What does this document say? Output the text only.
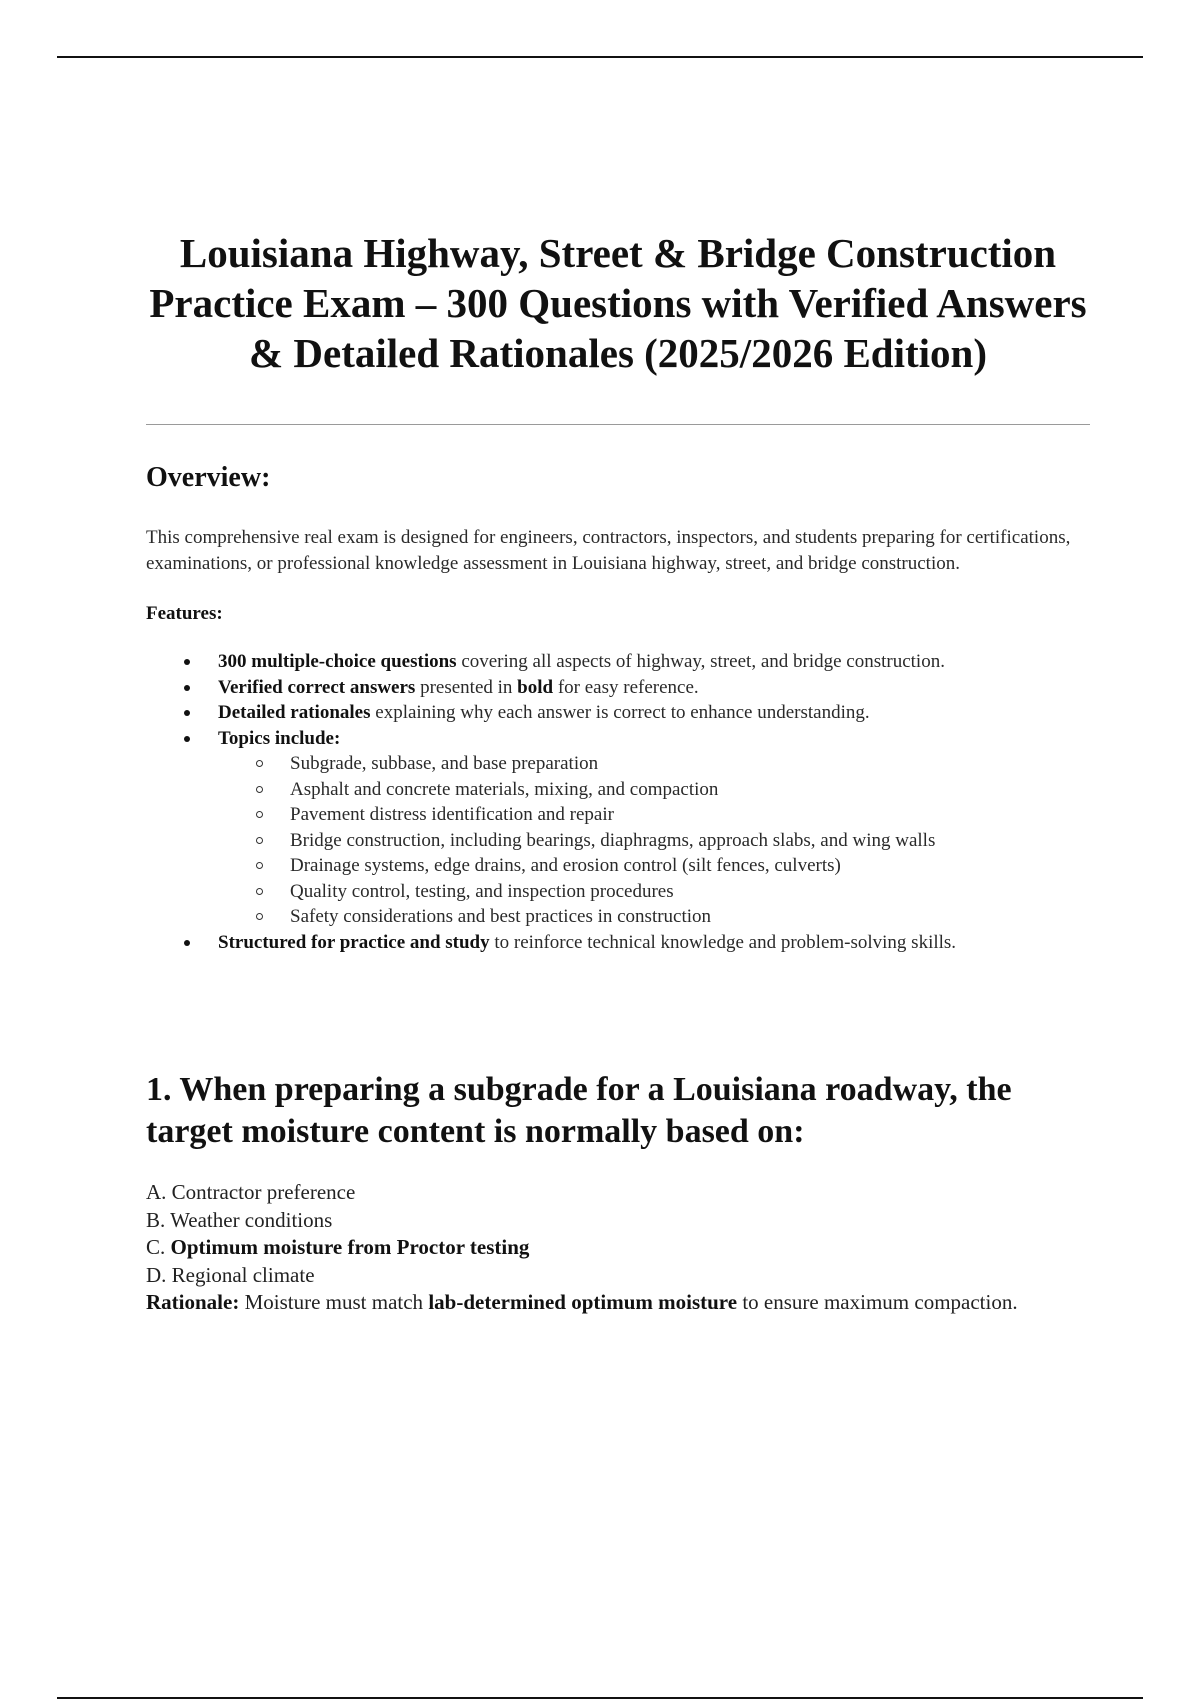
Louisiana Highway, Street & Bridge Construction Practice Exam – 300 Questions with Verified Answers & Detailed Rationales (2025/2026 Edition)
Overview:

This comprehensive real exam is designed for engineers, contractors, inspectors, and students preparing for certifications, examinations, or professional knowledge assessment in Louisiana highway, street, and bridge construction.

Features:

300 multiple-choice questions covering all aspects of highway, street, and bridge construction.
Verified correct answers presented in bold for easy reference.
Detailed rationales explaining why each answer is correct to enhance understanding.
Topics include:
Subgrade, subbase, and base preparation
Asphalt and concrete materials, mixing, and compaction
Pavement distress identification and repair
Bridge construction, including bearings, diaphragms, approach slabs, and wing walls
Drainage systems, edge drains, and erosion control (silt fences, culverts)
Quality control, testing, and inspection procedures
Safety considerations and best practices in construction
Structured for practice and study to reinforce technical knowledge and problem-solving skills.
1. When preparing a subgrade for a Louisiana roadway, the target moisture content is normally based on:
A. Contractor preference
B. Weather conditions
C. Optimum moisture from Proctor testing
D. Regional climate
Rationale: Moisture must match lab-determined optimum moisture to ensure maximum compaction.
